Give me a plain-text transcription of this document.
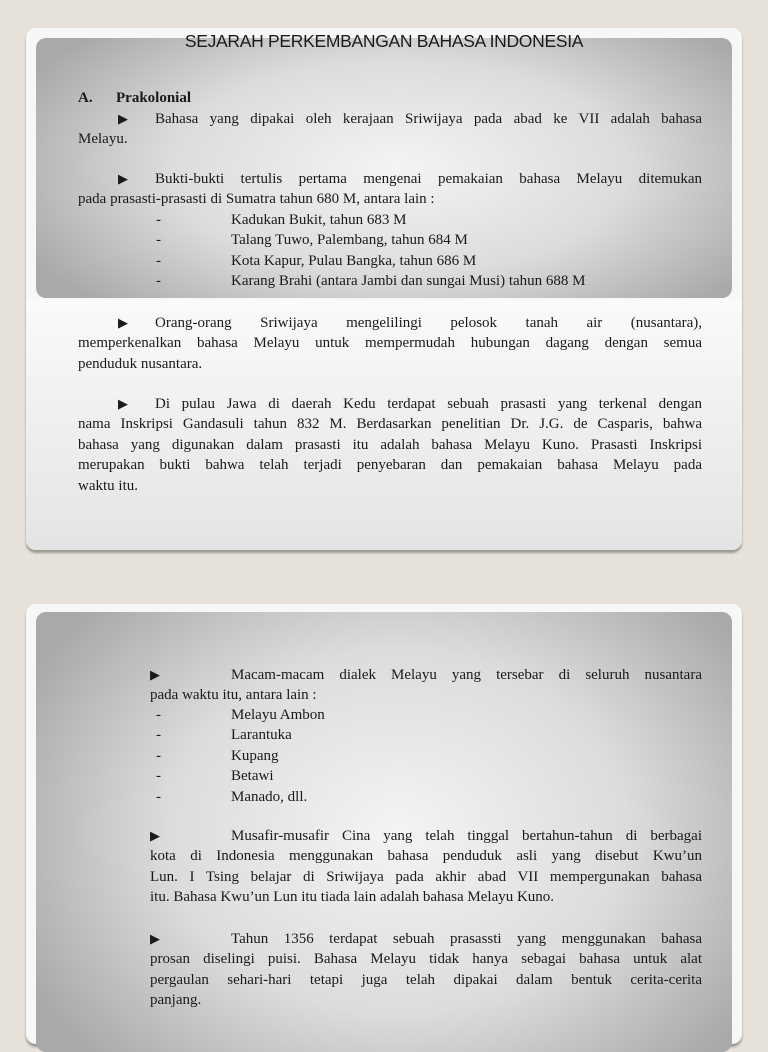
SEJARAH PERKEMBANGAN BAHASA INDONESIA
A. Prakolonial
▶ Bahasa yang dipakai oleh kerajaan Sriwijaya pada abad ke VII adalah bahasa
Melayu.
▶ Bukti-bukti tertulis pertama mengenai pemakaian bahasa Melayu ditemukan
pada prasasti-prasasti di Sumatra tahun 680 M, antara lain :
-	Kadukan Bukit, tahun 683 M
-	Talang Tuwo, Palembang, tahun 684 M
-	Kota Kapur, Pulau Bangka, tahun 686 M
-	Karang Brahi (antara Jambi dan sungai Musi) tahun 688 M
▶ Orang-orang Sriwijaya mengelilingi pelosok tanah air (nusantara),
memperkenalkan bahasa Melayu untuk mempermudah hubungan dagang dengan semua
penduduk nusantara.
▶ Di pulau Jawa di daerah Kedu terdapat sebuah prasasti yang terkenal dengan
nama Inskripsi Gandasuli tahun 832 M. Berdasarkan penelitian Dr. J.G. de Casparis, bahwa
bahasa yang digunakan dalam prasasti itu adalah bahasa Melayu Kuno. Prasasti Inskripsi
merupakan bukti bahwa telah terjadi penyebaran dan pemakaian bahasa Melayu pada
waktu itu.
▶	Macam-macam dialek Melayu yang tersebar di seluruh nusantara
pada waktu itu, antara lain :
-	Melayu Ambon
-	Larantuka
-	Kupang
-	Betawi
-	Manado, dll.
▶	Musafir-musafir Cina yang telah tinggal bertahun-tahun di berbagai
kota di Indonesia menggunakan bahasa penduduk asli yang disebut Kwu’un
Lun. I Tsing belajar di Sriwijaya pada akhir abad VII mempergunakan bahasa
itu. Bahasa Kwu’un Lun itu tiada lain adalah bahasa Melayu Kuno.
▶	Tahun 1356 terdapat sebuah prasassti yang menggunakan bahasa
prosan diselingi puisi. Bahasa Melayu tidak hanya sebagai bahasa untuk alat
pergaulan sehari-hari tetapi juga telah dipakai dalam bentuk cerita-cerita
panjang.
